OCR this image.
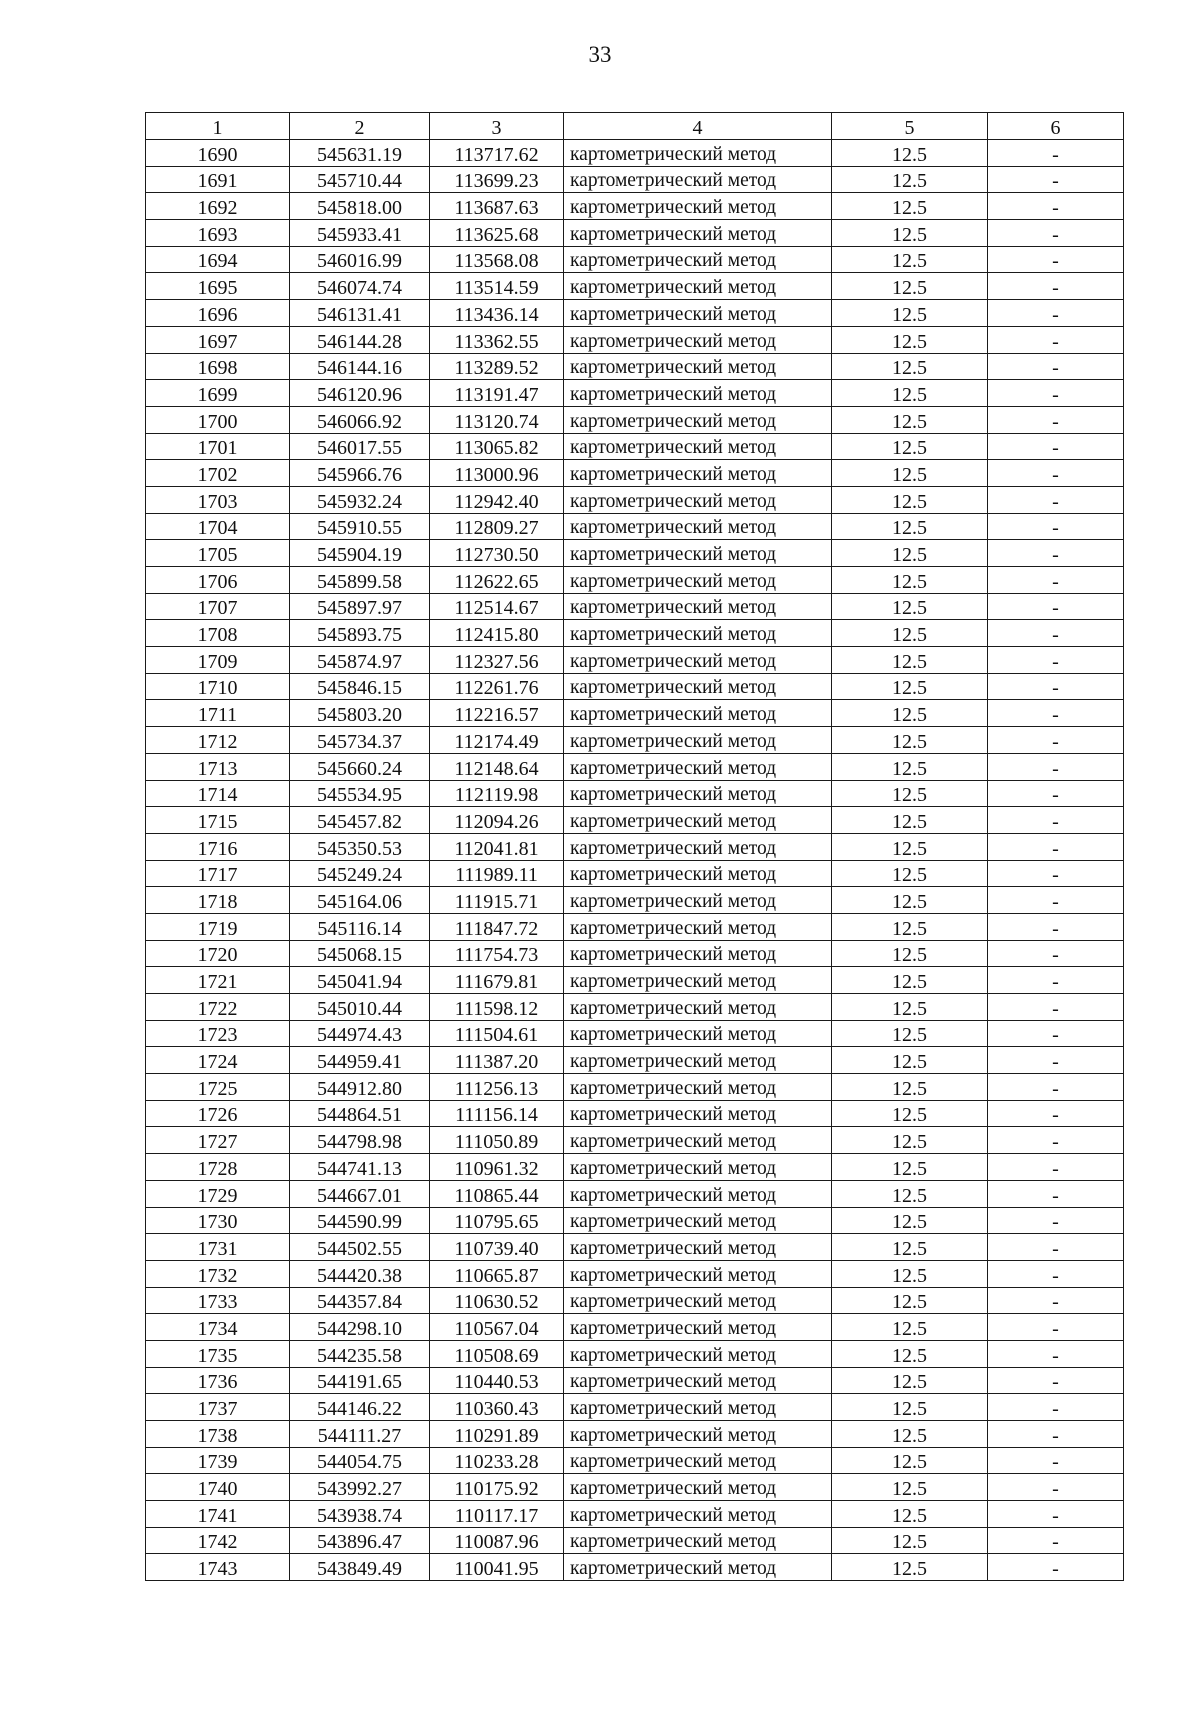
33
1	2	3	4	5	6
1690	545631.19	113717.62	картометрический метод	12.5	-
1691	545710.44	113699.23	картометрический метод	12.5	-
1692	545818.00	113687.63	картометрический метод	12.5	-
1693	545933.41	113625.68	картометрический метод	12.5	-
1694	546016.99	113568.08	картометрический метод	12.5	-
1695	546074.74	113514.59	картометрический метод	12.5	-
1696	546131.41	113436.14	картометрический метод	12.5	-
1697	546144.28	113362.55	картометрический метод	12.5	-
1698	546144.16	113289.52	картометрический метод	12.5	-
1699	546120.96	113191.47	картометрический метод	12.5	-
1700	546066.92	113120.74	картометрический метод	12.5	-
1701	546017.55	113065.82	картометрический метод	12.5	-
1702	545966.76	113000.96	картометрический метод	12.5	-
1703	545932.24	112942.40	картометрический метод	12.5	-
1704	545910.55	112809.27	картометрический метод	12.5	-
1705	545904.19	112730.50	картометрический метод	12.5	-
1706	545899.58	112622.65	картометрический метод	12.5	-
1707	545897.97	112514.67	картометрический метод	12.5	-
1708	545893.75	112415.80	картометрический метод	12.5	-
1709	545874.97	112327.56	картометрический метод	12.5	-
1710	545846.15	112261.76	картометрический метод	12.5	-
1711	545803.20	112216.57	картометрический метод	12.5	-
1712	545734.37	112174.49	картометрический метод	12.5	-
1713	545660.24	112148.64	картометрический метод	12.5	-
1714	545534.95	112119.98	картометрический метод	12.5	-
1715	545457.82	112094.26	картометрический метод	12.5	-
1716	545350.53	112041.81	картометрический метод	12.5	-
1717	545249.24	111989.11	картометрический метод	12.5	-
1718	545164.06	111915.71	картометрический метод	12.5	-
1719	545116.14	111847.72	картометрический метод	12.5	-
1720	545068.15	111754.73	картометрический метод	12.5	-
1721	545041.94	111679.81	картометрический метод	12.5	-
1722	545010.44	111598.12	картометрический метод	12.5	-
1723	544974.43	111504.61	картометрический метод	12.5	-
1724	544959.41	111387.20	картометрический метод	12.5	-
1725	544912.80	111256.13	картометрический метод	12.5	-
1726	544864.51	111156.14	картометрический метод	12.5	-
1727	544798.98	111050.89	картометрический метод	12.5	-
1728	544741.13	110961.32	картометрический метод	12.5	-
1729	544667.01	110865.44	картометрический метод	12.5	-
1730	544590.99	110795.65	картометрический метод	12.5	-
1731	544502.55	110739.40	картометрический метод	12.5	-
1732	544420.38	110665.87	картометрический метод	12.5	-
1733	544357.84	110630.52	картометрический метод	12.5	-
1734	544298.10	110567.04	картометрический метод	12.5	-
1735	544235.58	110508.69	картометрический метод	12.5	-
1736	544191.65	110440.53	картометрический метод	12.5	-
1737	544146.22	110360.43	картометрический метод	12.5	-
1738	544111.27	110291.89	картометрический метод	12.5	-
1739	544054.75	110233.28	картометрический метод	12.5	-
1740	543992.27	110175.92	картометрический метод	12.5	-
1741	543938.74	110117.17	картометрический метод	12.5	-
1742	543896.47	110087.96	картометрический метод	12.5	-
1743	543849.49	110041.95	картометрический метод	12.5	-
